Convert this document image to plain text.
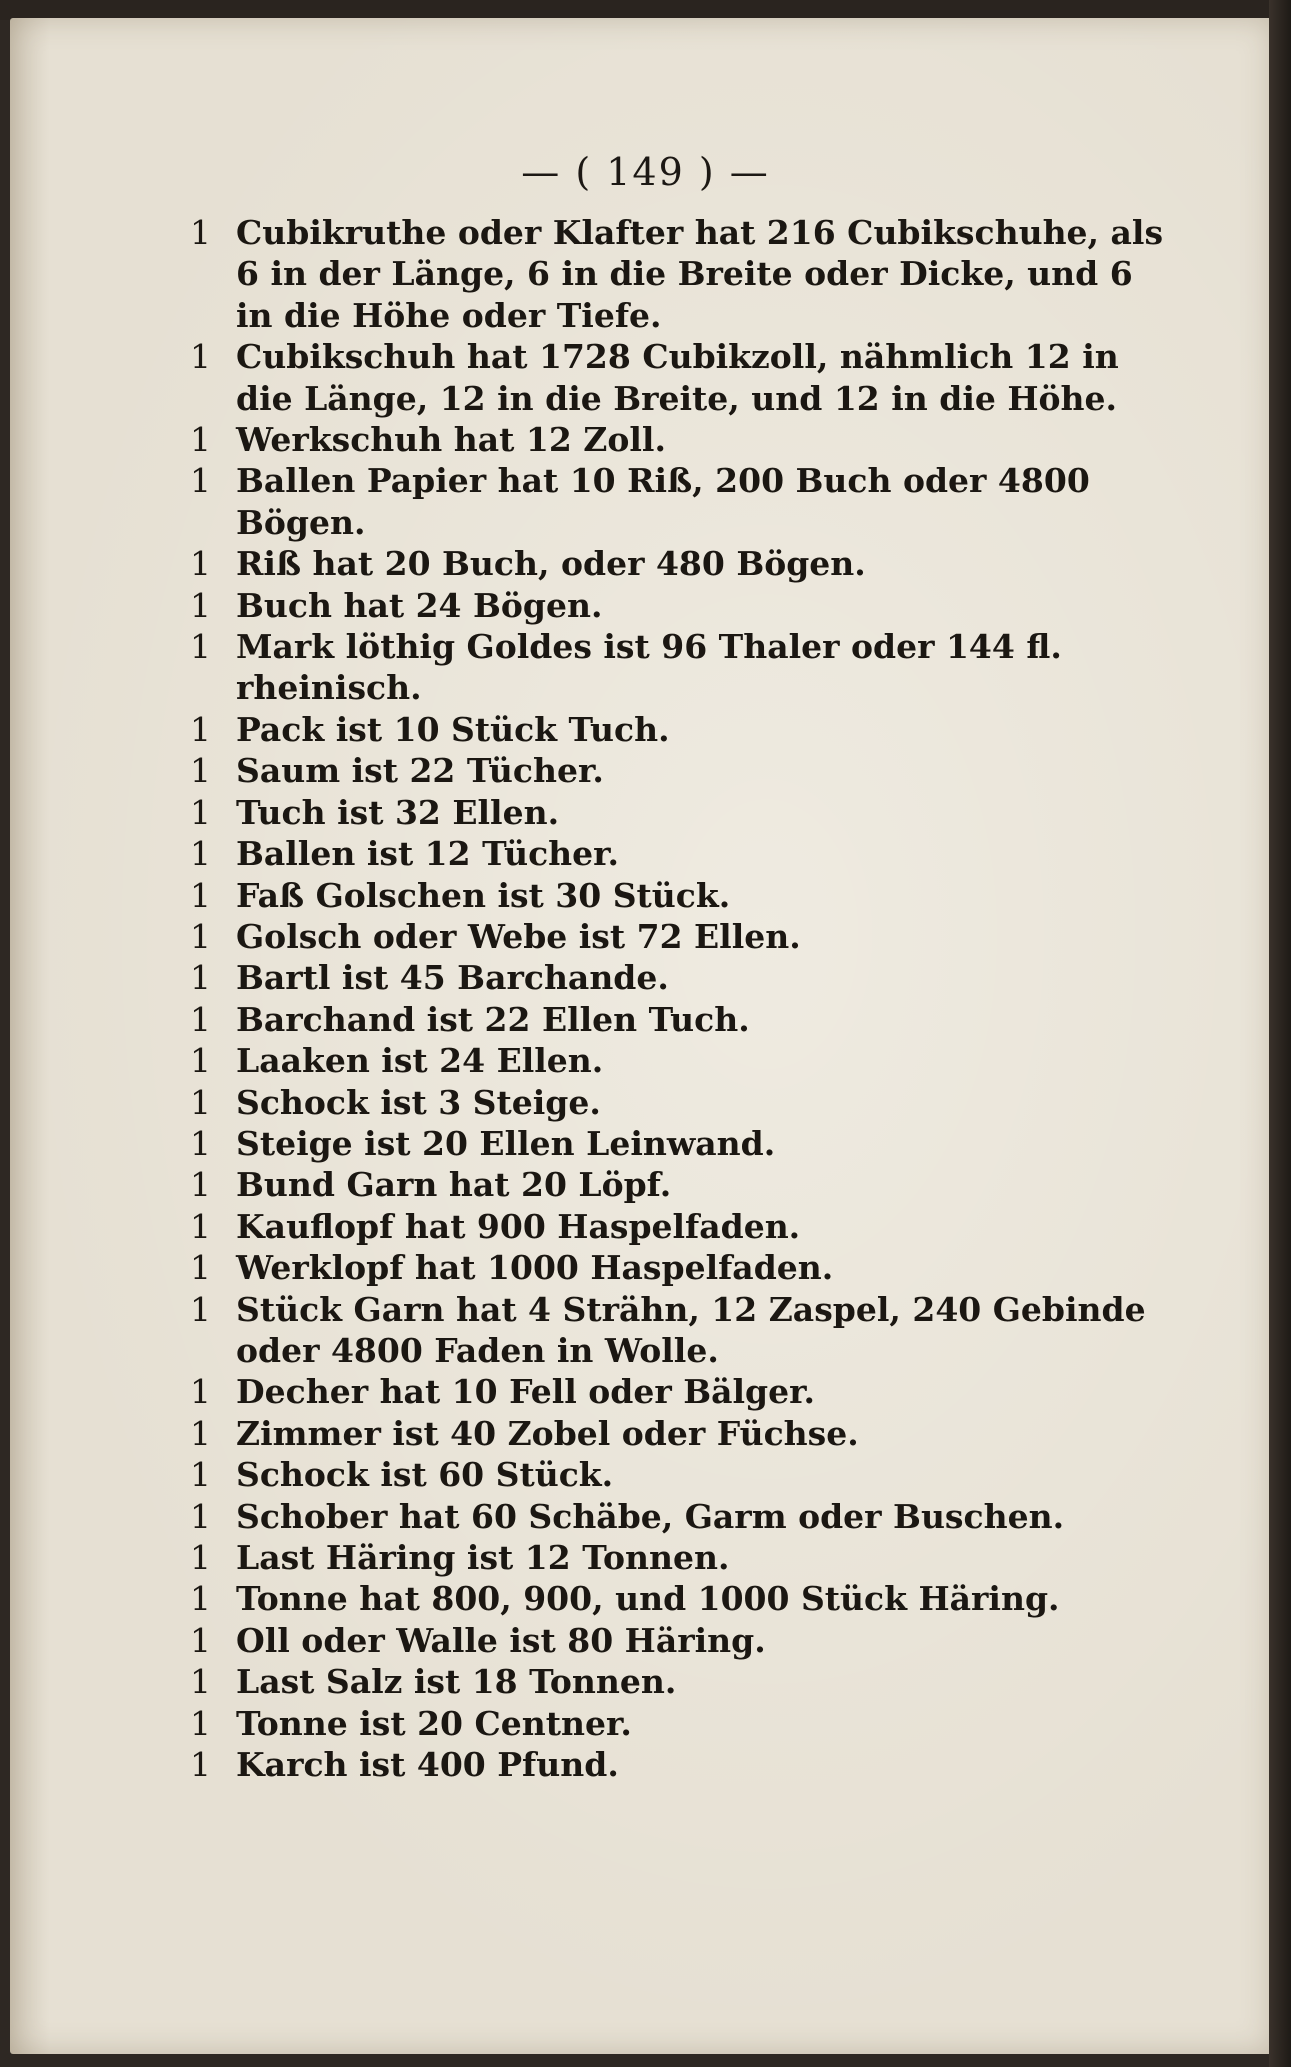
— ( 149 ) —
1 Cubikruthe oder Klafter hat 216 Cubikschuhe, als 6 in der Länge, 6 in die Breite oder Dicke, und 6 in die Höhe oder Tiefe.
1 Cubikschuh hat 1728 Cubikzoll, nähmlich 12 in die Länge, 12 in die Breite, und 12 in die Höhe.
1 Werkschuh hat 12 Zoll.
1 Ballen Papier hat 10 Riß, 200 Buch oder 4800 Bögen.
1 Riß hat 20 Buch, oder 480 Bögen.
1 Buch hat 24 Bögen.
1 Mark löthig Goldes ist 96 Thaler oder 144 fl. rheinisch.
1 Pack ist 10 Stück Tuch.
1 Saum ist 22 Tücher.
1 Tuch ist 32 Ellen.
1 Ballen ist 12 Tücher.
1 Faß Golschen ist 30 Stück.
1 Golsch oder Webe ist 72 Ellen.
1 Bartl ist 45 Barchande.
1 Barchand ist 22 Ellen Tuch.
1 Laaken ist 24 Ellen.
1 Schock ist 3 Steige.
1 Steige ist 20 Ellen Leinwand.
1 Bund Garn hat 20 Löpf.
1 Kauflopf hat 900 Haspelfaden.
1 Werklopf hat 1000 Haspelfaden.
1 Stück Garn hat 4 Strähn, 12 Zaspel, 240 Gebinde oder 4800 Faden in Wolle.
1 Decher hat 10 Fell oder Bälger.
1 Zimmer ist 40 Zobel oder Füchse.
1 Schock ist 60 Stück.
1 Schober hat 60 Schäbe, Garm oder Buschen.
1 Last Häring ist 12 Tonnen.
1 Tonne hat 800, 900, und 1000 Stück Häring.
1 Oll oder Walle ist 80 Häring.
1 Last Salz ist 18 Tonnen.
1 Tonne ist 20 Centner.
1 Karch ist 400 Pfund.
